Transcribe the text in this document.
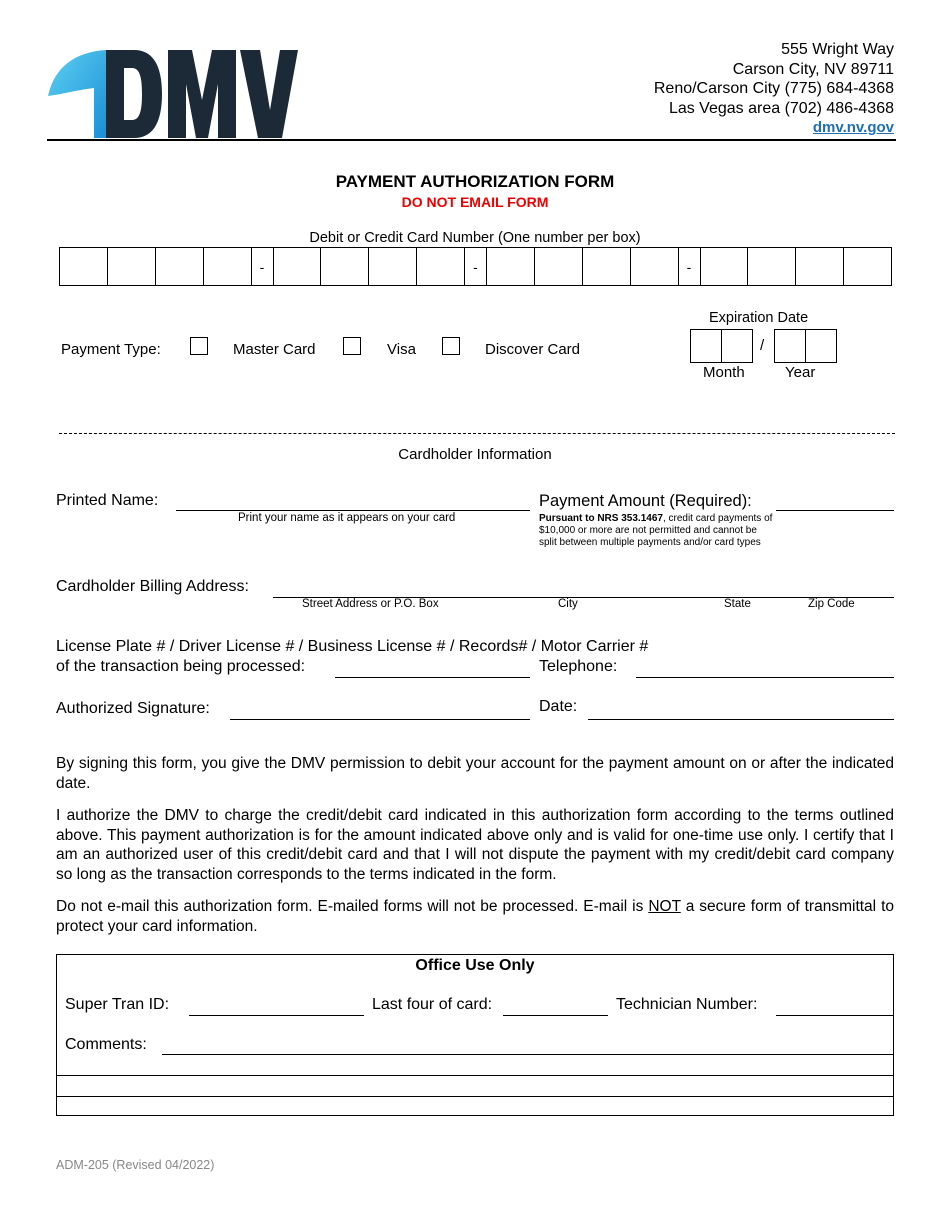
555 Wright Way
Carson City, NV 89711
Reno/Carson City (775) 684-4368
Las Vegas area (702) 486-4368
dmv.nv.gov
PAYMENT AUTHORIZATION FORM
DO NOT EMAIL FORM
Debit or Credit Card Number (One number per box)
-	-	-
Payment Type:	Master Card	Visa	Discover Card
Expiration Date
/
Month	Year
Cardholder Information
Printed Name:
Print your name as it appears on your card
Payment Amount (Required):
Pursuant to NRS 353.1467, credit card payments of
$10,000 or more are not permitted and cannot be
split between multiple payments and/or card types
Cardholder Billing Address:
Street Address or P.O. Box	City	State	Zip Code
License Plate # / Driver License # / Business License # / Records# / Motor Carrier #
of the transaction being processed:	Telephone:
Authorized Signature:	Date:
By signing this form, you give the DMV permission to debit your account for the payment amount on or after the indicated date.
I authorize the DMV to charge the credit/debit card indicated in this authorization form according to the terms outlined above. This payment authorization is for the amount indicated above only and is valid for one-time use only. I certify that I am an authorized user of this credit/debit card and that I will not dispute the payment with my credit/debit card company so long as the transaction corresponds to the terms indicated in the form.
Do not e-mail this authorization form. E-mailed forms will not be processed. E-mail is NOT a secure form of transmittal to protect your card information.
Office Use Only
Super Tran ID:	Last four of card:	Technician Number:
Comments:
ADM-205 (Revised 04/2022)
